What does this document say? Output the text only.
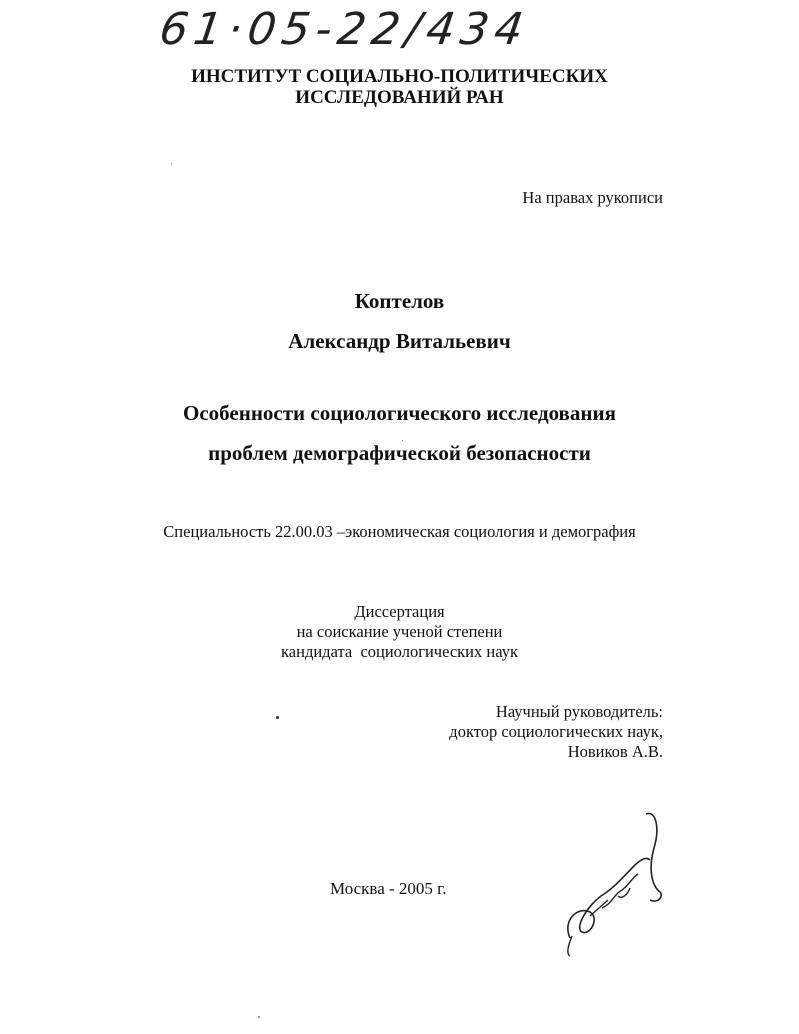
61·05-22/434
ИНСТИТУТ СОЦИАЛЬНО-ПОЛИТИЧЕСКИХ
ИССЛЕДОВАНИЙ РАН
На правах рукописи
Коптелов
Александр Витальевич
Особенности социологического исследования
проблем демографической безопасности
Специальность 22.00.03 –экономическая социология и демография
Диссертация
на соискание ученой степени
кандидата  социологических наук
Научный руководитель:
доктор социологических наук,
Новиков А.В.
Москва - 2005 г.
